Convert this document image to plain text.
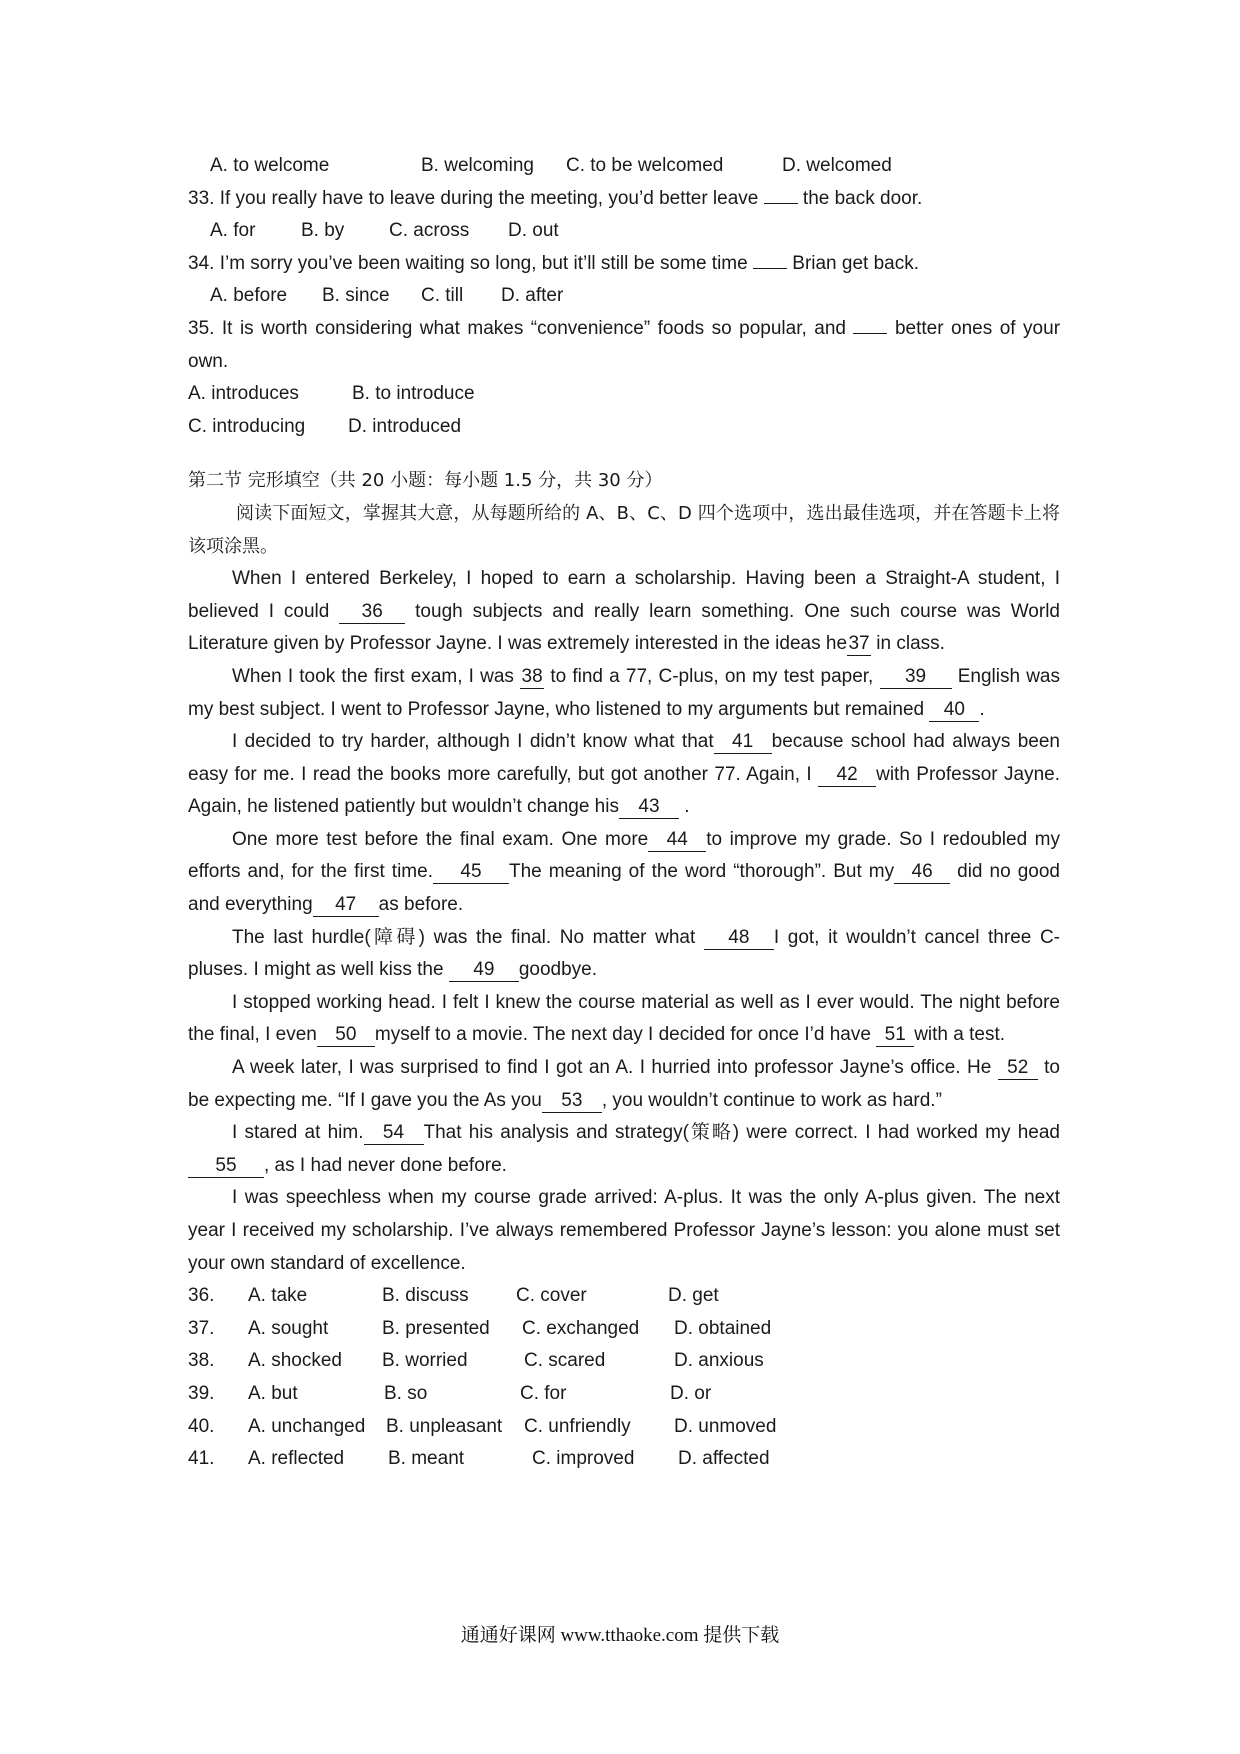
A. to welcome	B. welcoming	C. to be welcomed	D. welcomed
33. If you really have to leave during the meeting, you’d better leave the back door.
A. for	B. by	C. across	D. out
34. I’m sorry you’ve been waiting so long, but it’ll still be some time Brian get back.
A. before	B. since	C. till	D. after
35. It is worth considering what makes “convenience” foods so popular, and	better ones of your own.
A. introduces	B. to introduce
C. introducing	D. introduced
第二节 完形填空（共 20 小题：每小题 1.5 分，共 30 分）
阅读下面短文，掌握其大意，从每题所给的 A、B、C、D 四个选项中，选出最佳选项，并在答题卡上将该项涂黑。
When I entered Berkeley, I hoped to earn a scholarship. Having been a Straight-A student, I believed I could 36 tough subjects and really learn something. One such course was World Literature given by Professor Jayne. I was extremely interested in the ideas he37 in class.
When I took the first exam, I was 38 to find a 77, C-plus, on my test paper, 39 English was my best subject. I went to Professor Jayne, who listened to my arguments but remained 40 .
I decided to try harder, although I didn’t know what that 41 because school had always been easy for me. I read the books more carefully, but got another 77. Again, I 42 with Professor Jayne. Again, he listened patiently but wouldn’t change his 43 .
One more test before the final exam. One more 44 to improve my grade. So I redoubled my efforts and, for the first time. 45 The meaning of the word “thorough”. But my 46 did no good and everything 47 as before.
The last hurdle(障碍) was the final. No matter what 48 I got, it wouldn’t cancel three C-pluses. I might as well kiss the 49 goodbye.
I stopped working head. I felt I knew the course material as well as I ever would. The night before the final, I even 50 myself to a movie. The next day I decided for once I’d have 51 with a test.
A week later, I was surprised to find I got an A. I hurried into professor Jayne’s office. He 52 to be expecting me. “If I gave you the As you 53 , you wouldn’t continue to work as hard.”
I stared at him. 54 That his analysis and strategy(策略) were correct. I had worked my head55 , as I had never done before.
I was speechless when my course grade arrived: A-plus. It was the only A-plus given. The next year I received my scholarship. I’ve always remembered Professor Jayne’s lesson: you alone must set your own standard of excellence.
36.	A. take	B. discuss	C. cover	D. get
37.	A. sought	B. presented	C. exchanged	D. obtained
38.	A. shocked	B. worried	C. scared	D. anxious
39.	A. but	B. so	C. for	D. or
40.	A. unchanged	B. unpleasant	C. unfriendly	D. unmoved
41.	A. reflected	B. meant	C. improved	D. affected
通通好课网 www.tthaoke.com 提供下载
